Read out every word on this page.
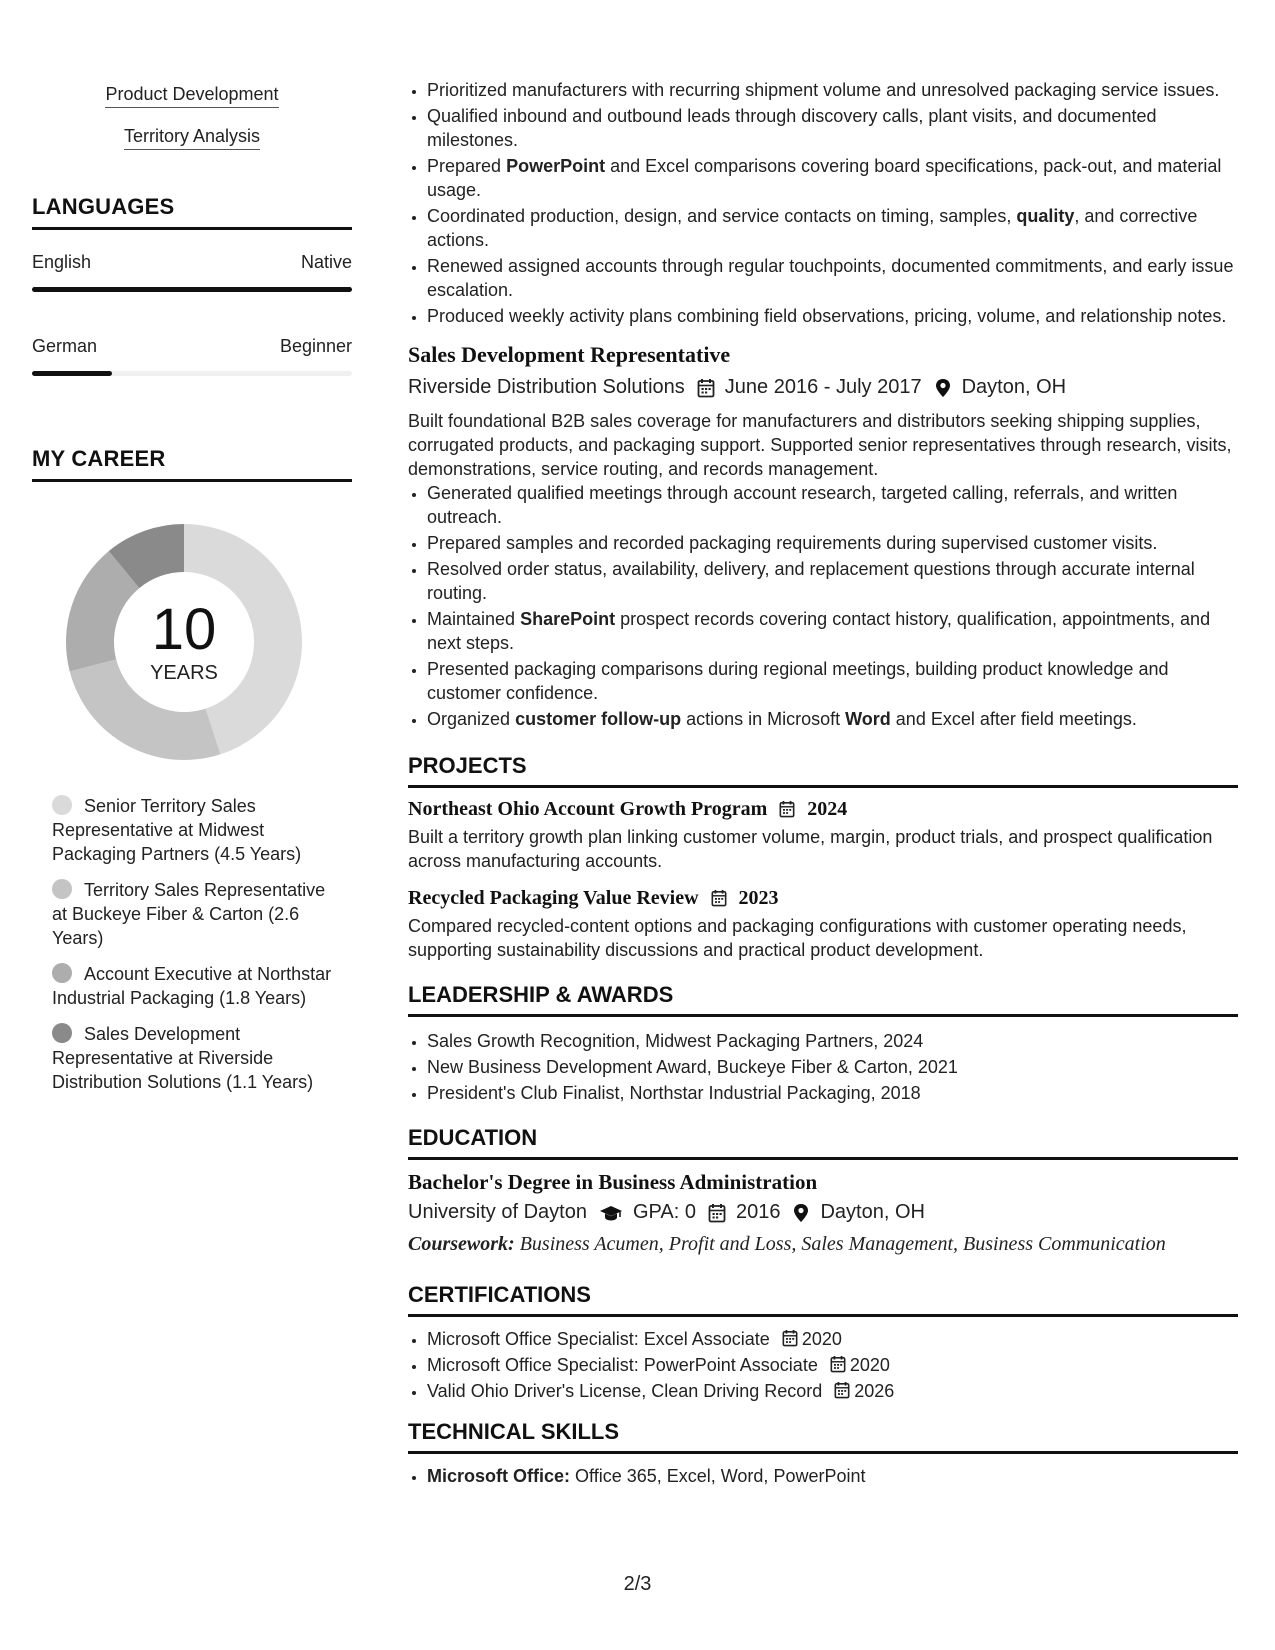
Product Development
Territory Analysis
LANGUAGES
English	Native
German	Beginner
MY CAREER
10
YEARS
Senior Territory Sales Representative at Midwest Packaging Partners (4.5 Years)
Territory Sales Representative at Buckeye Fiber & Carton (2.6 Years)
Account Executive at Northstar Industrial Packaging (1.8 Years)
Sales Development Representative at Riverside Distribution Solutions (1.1 Years)
• Prioritized manufacturers with recurring shipment volume and unresolved packaging service issues.
• Qualified inbound and outbound leads through discovery calls, plant visits, and documented milestones.
• Prepared PowerPoint and Excel comparisons covering board specifications, pack-out, and material usage.
• Coordinated production, design, and service contacts on timing, samples, quality, and corrective actions.
• Renewed assigned accounts through regular touchpoints, documented commitments, and early issue escalation.
• Produced weekly activity plans combining field observations, pricing, volume, and relationship notes.
Sales Development Representative
Riverside Distribution Solutions June 2016 - July 2017 Dayton, OH
Built foundational B2B sales coverage for manufacturers and distributors seeking shipping supplies, corrugated products, and packaging support. Supported senior representatives through research, visits, demonstrations, service routing, and records management.
• Generated qualified meetings through account research, targeted calling, referrals, and written outreach.
• Prepared samples and recorded packaging requirements during supervised customer visits.
• Resolved order status, availability, delivery, and replacement questions through accurate internal routing.
• Maintained SharePoint prospect records covering contact history, qualification, appointments, and next steps.
• Presented packaging comparisons during regional meetings, building product knowledge and customer confidence.
• Organized customer follow-up actions in Microsoft Word and Excel after field meetings.
PROJECTS
Northeast Ohio Account Growth Program 2024
Built a territory growth plan linking customer volume, margin, product trials, and prospect qualification across manufacturing accounts.
Recycled Packaging Value Review 2023
Compared recycled-content options and packaging configurations with customer operating needs, supporting sustainability discussions and practical product development.
LEADERSHIP & AWARDS
• Sales Growth Recognition, Midwest Packaging Partners, 2024
• New Business Development Award, Buckeye Fiber & Carton, 2021
• President's Club Finalist, Northstar Industrial Packaging, 2018
EDUCATION
Bachelor's Degree in Business Administration
University of Dayton GPA: 0 2016 Dayton, OH
Coursework: Business Acumen, Profit and Loss, Sales Management, Business Communication
CERTIFICATIONS
• Microsoft Office Specialist: Excel Associate 2020
• Microsoft Office Specialist: PowerPoint Associate 2020
• Valid Ohio Driver's License, Clean Driving Record 2026
TECHNICAL SKILLS
• Microsoft Office: Office 365, Excel, Word, PowerPoint
2/3
